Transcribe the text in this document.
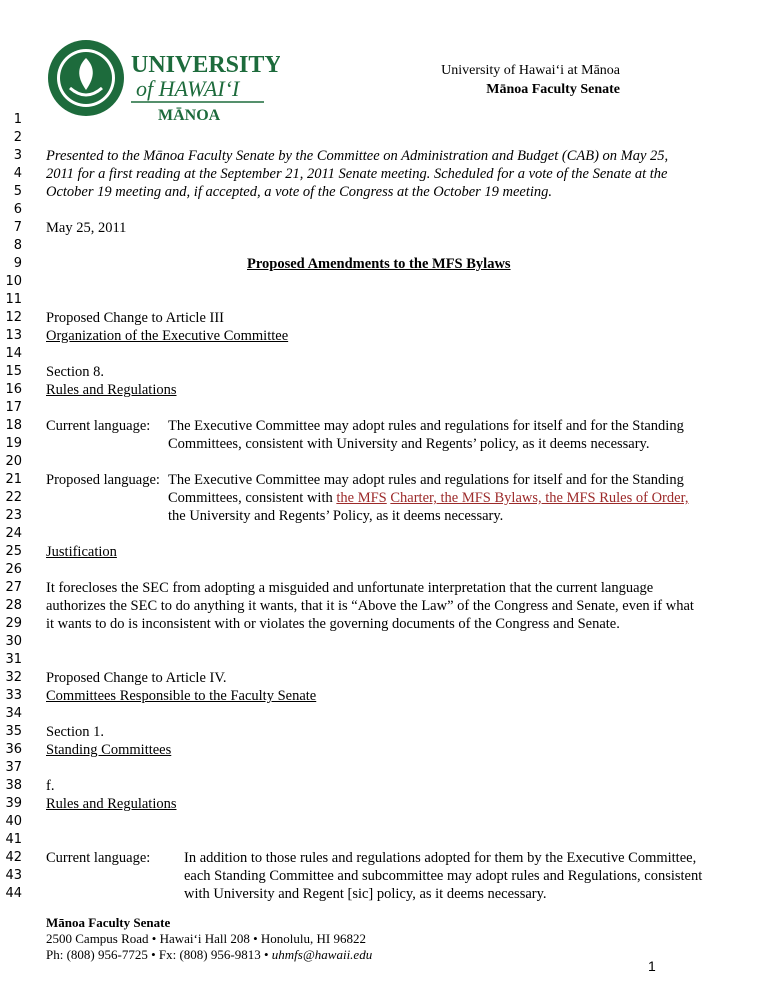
UNIVERSITY
of HAWAI‘I
MĀNOA
University of Hawai‘i at Mānoa
Mānoa Faculty Senate
1
2
3
4
5
6
7
8
9
10
11
12
13
14
15
16
17
18
19
20
21
22
23
24
25
26
27
28
29
30
31
32
33
34
35
36
37
38
39
40
41
42
43
44
Presented to the Mānoa Faculty Senate by the Committee on Administration and Budget (CAB) on May 25,
2011 for a first reading at the September 21, 2011 Senate meeting. Scheduled for a vote of the Senate at the
October 19 meeting and, if accepted, a vote of the Congress at the October 19 meeting.
May 25, 2011
Proposed Amendments to the MFS Bylaws
Proposed Change to Article III
Organization of the Executive Committee
Section 8.
Rules and Regulations
Current language: The Executive Committee may adopt rules and regulations for itself and for the Standing
Committees, consistent with University and Regents’ policy, as it deems necessary.
Proposed language: The Executive Committee may adopt rules and regulations for itself and for the Standing
Committees, consistent with the MFS Charter, the MFS Bylaws, the MFS Rules of Order,
the University and Regents’ Policy, as it deems necessary.
Justification
It forecloses the SEC from adopting a misguided and unfortunate interpretation that the current language
authorizes the SEC to do anything it wants, that it is “Above the Law” of the Congress and Senate, even if what
it wants to do is inconsistent with or violates the governing documents of the Congress and Senate.
Proposed Change to Article IV.
Committees Responsible to the Faculty Senate
Section 1.
Standing Committees
f.
Rules and Regulations
Current language: In addition to those rules and regulations adopted for them by the Executive Committee,
each Standing Committee and subcommittee may adopt rules and Regulations, consistent
with University and Regent [sic] policy, as it deems necessary.
Mānoa Faculty Senate
2500 Campus Road • Hawai‘i Hall 208 • Honolulu, HI 96822
Ph: (808) 956-7725 • Fx: (808) 956-9813 • uhmfs@hawaii.edu
1
